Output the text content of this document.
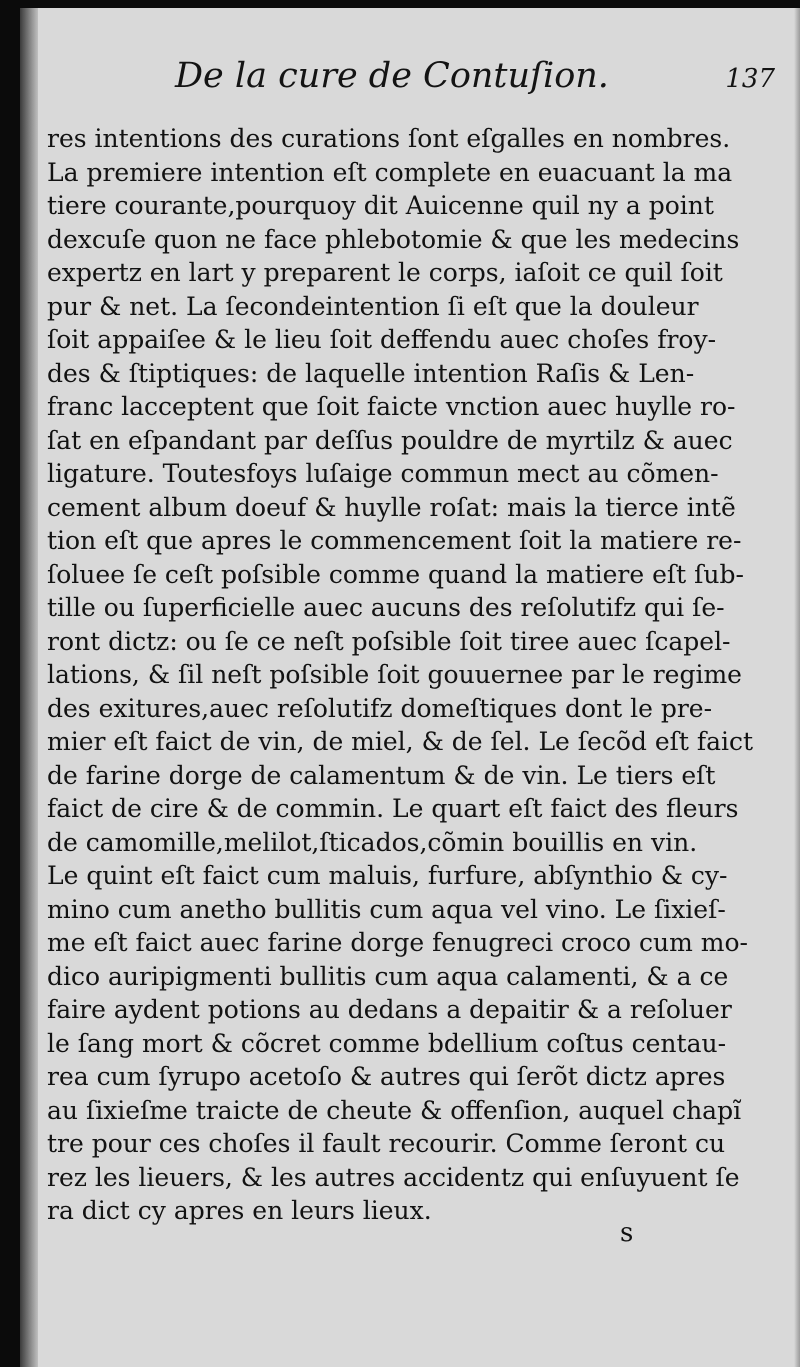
De la cure de Contuſion.	137
res intentions des curations ſont eſgalles en nombres.
La premiere intention eſt complete en euacuant la ma
tiere courante,pourquoy dit Auicenne quil ny a point
dexcuſe quon ne face phlebotomie & que les medecins
expertz en lart y preparent le corps, iaſoit ce quil ſoit
pur & net. La ſecondeintention ſi eſt que la douleur
ſoit appaiſee & le lieu ſoit deffendu auec choſes froy-
des & ſtiptiques: de laquelle intention Raſis & Len-
franc lacceptent que ſoit faicte vnction auec huylle ro-
ſat en eſpandant par deſſus pouldre de myrtilz & auec
ligature. Toutesfoys luſaige commun mect au cõmen-
cement album doeuf & huylle roſat: mais la tierce intẽ
tion eſt que apres le commencement ſoit la matiere re-
ſoluee ſe ceſt poſsible comme quand la matiere eſt ſub-
tille ou ſuperficielle auec aucuns des reſolutifz qui ſe-
ront dictz: ou ſe ce neſt poſsible ſoit tiree auec ſcapel-
lations, & ſil neſt poſsible ſoit gouuernee par le regime
des exitures,auec reſolutifz domeſtiques dont le pre-
mier eſt faict de vin, de miel, & de ſel. Le ſecõd eſt faict
de farine dorge de calamentum & de vin. Le tiers eſt
faict de cire & de commin. Le quart eſt faict des fleurs
de camomille,melilot,ſticados,cõmin bouillis en vin.
Le quint eſt faict cum maluis, furfure, abſynthio & cy-
mino cum anetho bullitis cum aqua vel vino. Le ſixieſ-
me eſt faict auec farine dorge fenugreci croco cum mo-
dico auripigmenti bullitis cum aqua calamenti, & a ce
faire aydent potions au dedans a depaitir & a reſoluer
le ſang mort & cõcret comme bdellium coſtus centau-
rea cum ſyrupo acetoſo & autres qui ſerõt dictz apres
au ſixieſme traicte de cheute & offenſion, auquel chapĩ
tre pour ces choſes il fault recourir. Comme ſeront cu
rez les lieuers, & les autres accidentz qui enſuyuent ſe
ra dict cy apres en leurs lieux.
s
